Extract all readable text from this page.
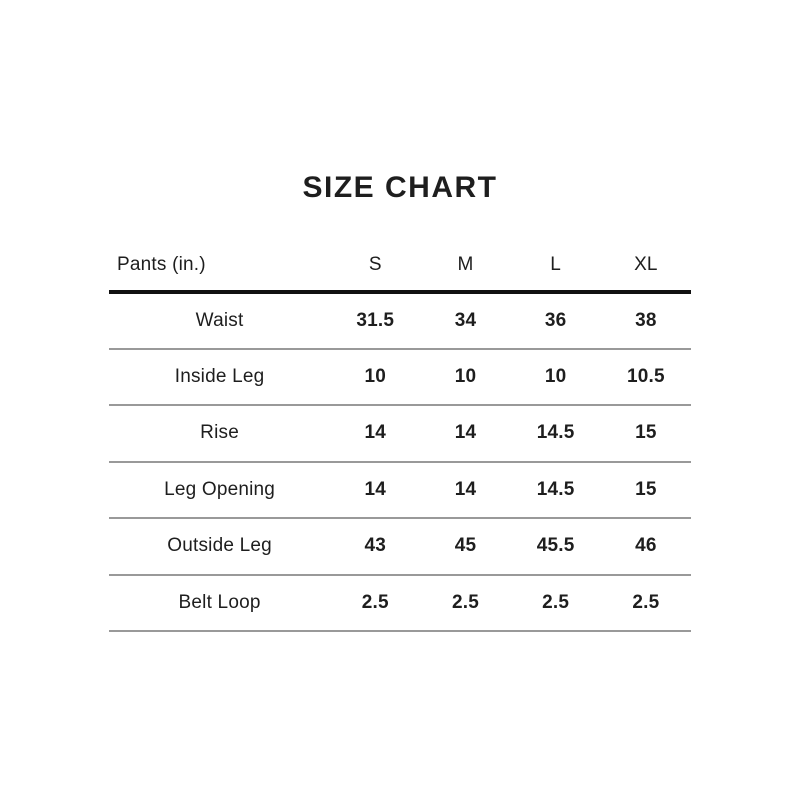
SIZE CHART
Pants (in.)	S	M	L	XL
Waist	31.5	34	36	38
Inside Leg	10	10	10	10.5
Rise	14	14	14.5	15
Leg Opening	14	14	14.5	15
Outside Leg	43	45	45.5	46
Belt Loop	2.5	2.5	2.5	2.5
